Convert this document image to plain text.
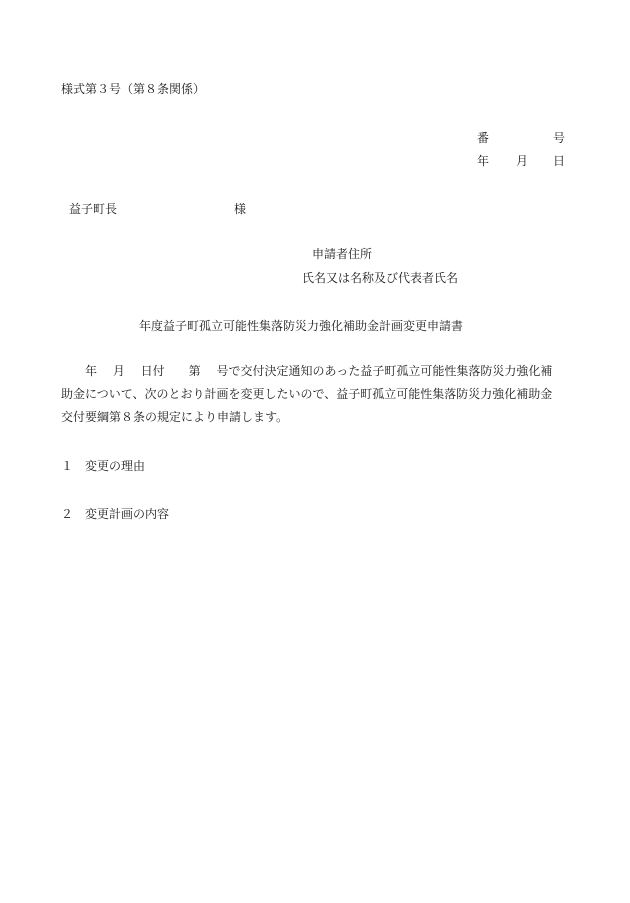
様式第３号（第８条関係）
番	号
年 月 日
益子町長	様
申請者住所
氏名又は名称及び代表者氏名
年度益子町孤立可能性集落防災力強化補助金計画変更申請書
　　年　 月　 日付　　第　 号で交付決定通知のあった益子町孤立可能性集落防災力強化補
助金について、次のとおり計画を変更したいので、益子町孤立可能性集落防災力強化補助金
交付要綱第８条の規定により申請します。
１　 変更の理由
２　 変更計画の内容
